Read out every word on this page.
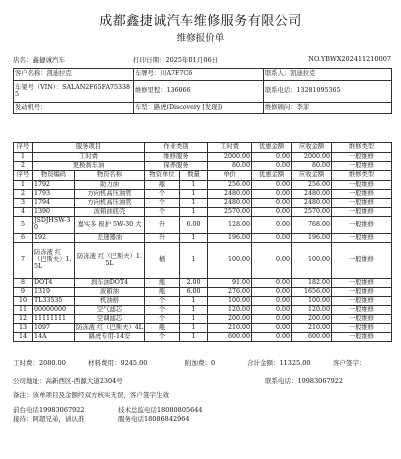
成都鑫捷诚汽车维修服务有限公司
维修报价单
店名：鑫捷诚汽车	打印日期：2025年01月06日	NO.YBWX202411210007
客户名称：凯迪拉克	车牌号：川A7F7C6	联系人：凯迪拉克
车架号（VIN）：SALAN2F65FA753385	维修里程：136066	联系电话：13281095365
发动机号：	车型：路虎(Discovery [发现])	维修顾问：李菲
序号	服务项目		作业类别		工时费	优惠金额	应收金额	维修类型
1	工时费		维修服务		2000.00	0.00	2000.00	一般维修
2	更换刹车油		保养服务		80.00	0.00	80.00	一般维修
序号	物资编码	物资名称	物资单位	数量	单价	优惠金额	应收金额	维修类型
1	1792	助力油	瓶	1	256.00	0.00	256.00	一般维修
2	1793	方向机高压油管	个	1	2480.00	0.00	2480.00	一般维修
3	1794	方向机高压油管	个	1	2480.00	0.00	2480.00	一般维修
4	1390	波箱油底壳	个	1	2570.00	0.00	2570.00	一般维修
5	JSDJHSW-30	嘉实多 极护 5W-30 大	升	6.00	128.00	0.00	768.00	一般维修
6	192	差速器油	升	1	196.00	0.00	196.00	一般维修
7	防冻液 红（巴斯夫）1.5L	防冻液 红（巴斯夫）1.5L	桶	1	100.00	0.00	100.00	一般维修
8	DOT4	刹车油DOT4	瓶	2.00	91.00	0.00	182.00	一般维修
9	1319	波箱油	瓶	6.00	276.00	0.00	1656.00	一般维修
10	TL33535	机油格	个	1	100.00	0.00	100.00	一般维修
11	00000000	空气滤芯	个	1	120.00	0.00	120.00	一般维修
12	11111111	空调滤芯	个	1	200.00	0.00	200.00	一般维修
13	1097	防冻液 红（巴斯夫）4L	瓶	1	210.00	0.00	210.00	一般维修
14	14A	路虎专用-14安	个	1	600.00	0.00	600.00	一般维修
工时费：2080.00	材料费用：9245.00	附加费：0	合计金额：11325.00	客户签字：
公司地址：高新西区-西源大道2304号	联系电话：19983067922
备注：该单项目及金额经双方核实无误，客户签字生效
前台电话19983067922	技术总监电话18080805644
接待：阿超兄弟，请认准	服务电话18086842964
